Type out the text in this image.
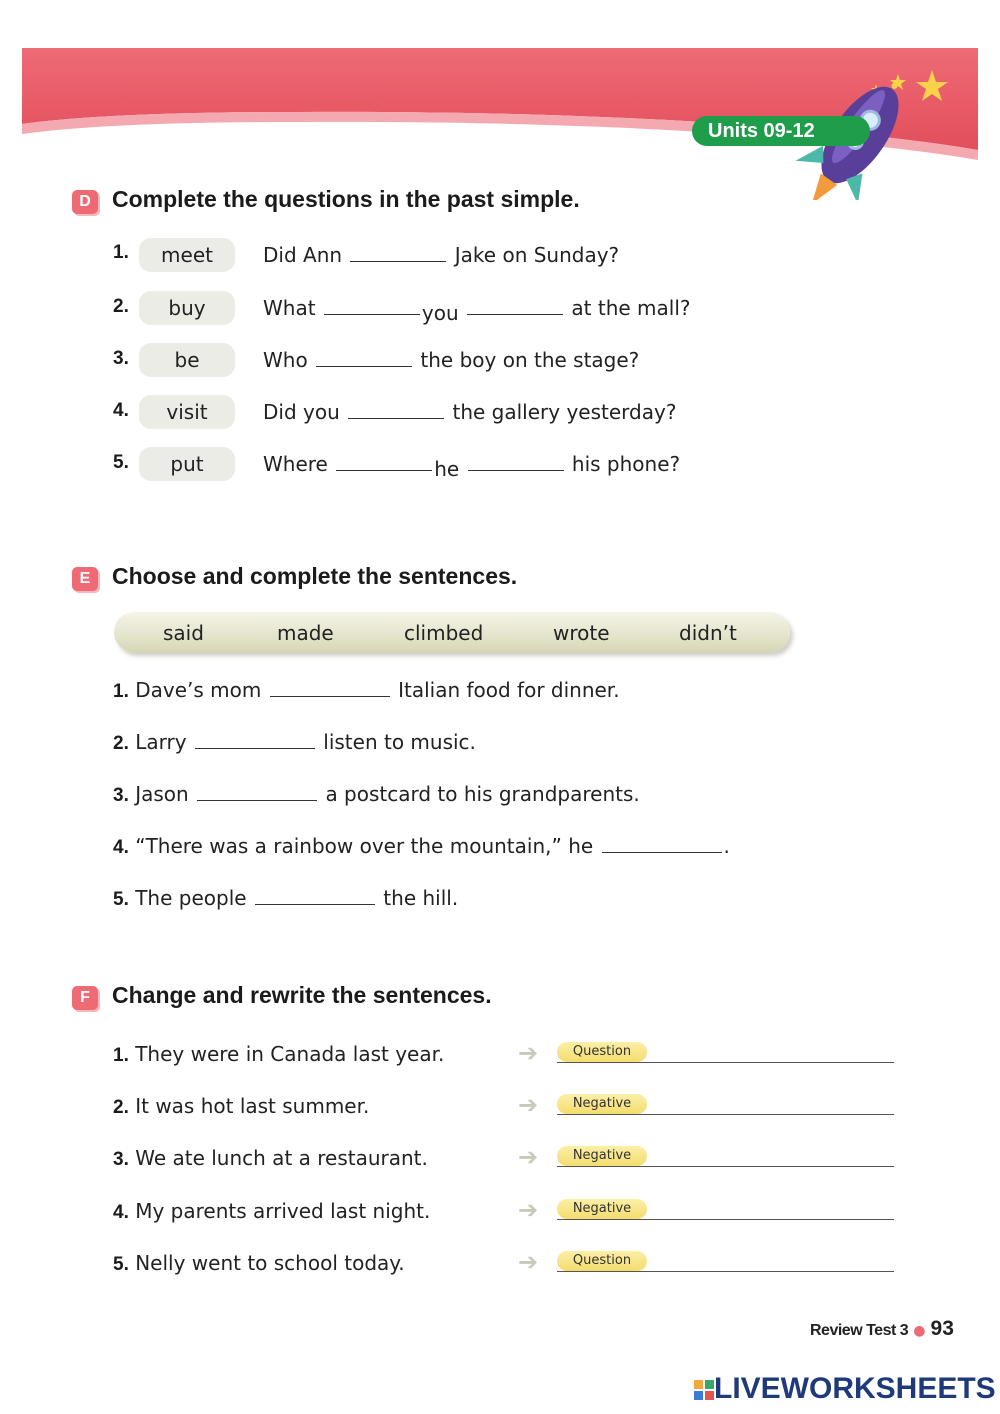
Units 09-12
D Complete the questions in the past simple.
1.	meet	Did Ann	Jake on Sunday?
2.	buy	What	you	at the mall?
3.	be	Who	the boy on the stage?
4.	visit	Did you	the gallery yesterday?
5.	put	Where	he	his phone?
E Choose and complete the sentences.
said	made	climbed	wrote	didn’t
1. Dave’s mom	Italian food for dinner.
2. Larry	listen to music.
3. Jason	a postcard to his grandparents.
4. “There was a rainbow over the mountain,” he	.
5. The people	the hill.
F Change and rewrite the sentences.
1. They were in Canada last year.	➔	Question
2. It was hot last summer.	➔	Negative
3. We ate lunch at a restaurant.	➔	Negative
4. My parents arrived last night.	➔	Negative
5. Nelly went to school today.	➔	Question
Review Test 3 ● 93
LIVEWORKSHEETS
